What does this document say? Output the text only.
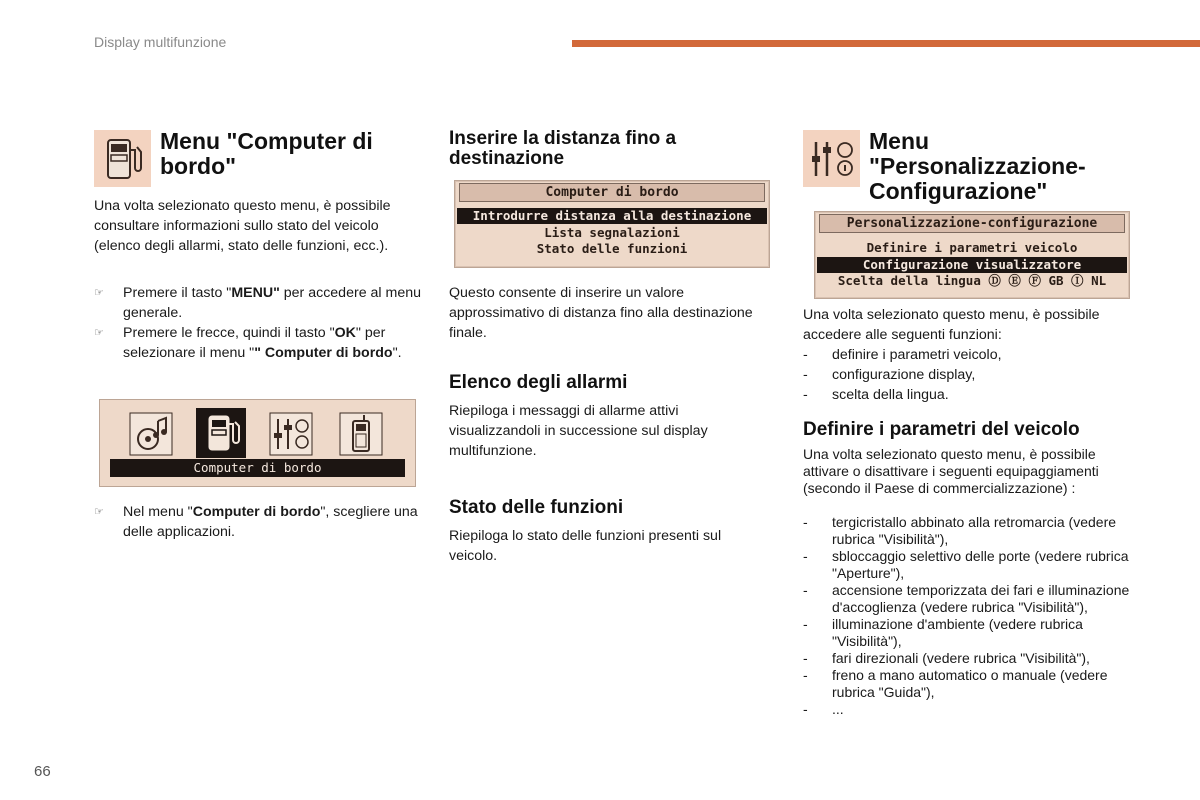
Display multifunzione
Menu "Computer di bordo"

Una volta selezionato questo menu, è possibile consultare informazioni sullo stato del veicolo (elenco degli allarmi, stato delle funzioni, ecc.).

☞	Premere il tasto "MENU" per accedere al menu generale.
☞	Premere le frecce, quindi il tasto "OK" per selezionare il menu "" Computer di bordo".
Computer di bordo
☞	Nel menu "Computer di bordo", scegliere una delle applicazioni.
Inserire la distanza fino a
destinazione
Computer di bordo
Introdurre distanza alla destinazione
Lista segnalazioni
Stato delle funzioni

Questo consente di inserire un valore approssimativo di distanza fino alla destinazione finale.

Elenco degli allarmi

Riepiloga i messaggi di allarme attivi visualizzandoli in successione sul display multifunzione.

Stato delle funzioni

Riepiloga lo stato delle funzioni presenti sul veicolo.

Menu
"Personalizzazione-
Configurazione"
Personalizzazione-configurazione
Definire i parametri veicolo
Configurazione visualizzatore
Scelta della lingua Ⓓ Ⓔ Ⓕ GB Ⓘ NL

Una volta selezionato questo menu, è possibile accedere alle seguenti funzioni:

- definire i parametri veicolo,
- configurazione display,
- scelta della lingua.
Definire i parametri del veicolo

Una volta selezionato questo menu, è possibile attivare o disattivare i seguenti equipaggiamenti (secondo il Paese di commercializzazione) :

- tergicristallo abbinato alla retromarcia (vedere rubrica "Visibilità"),
- sbloccaggio selettivo delle porte (vedere rubrica "Aperture"),
- accensione temporizzata dei fari e illuminazione d'accoglienza (vedere rubrica "Visibilità"),
- illuminazione d'ambiente (vedere rubrica "Visibilità"),
- fari direzionali (vedere rubrica "Visibilità"),
- freno a mano automatico o manuale (vedere rubrica "Guida"),
- ...
66
